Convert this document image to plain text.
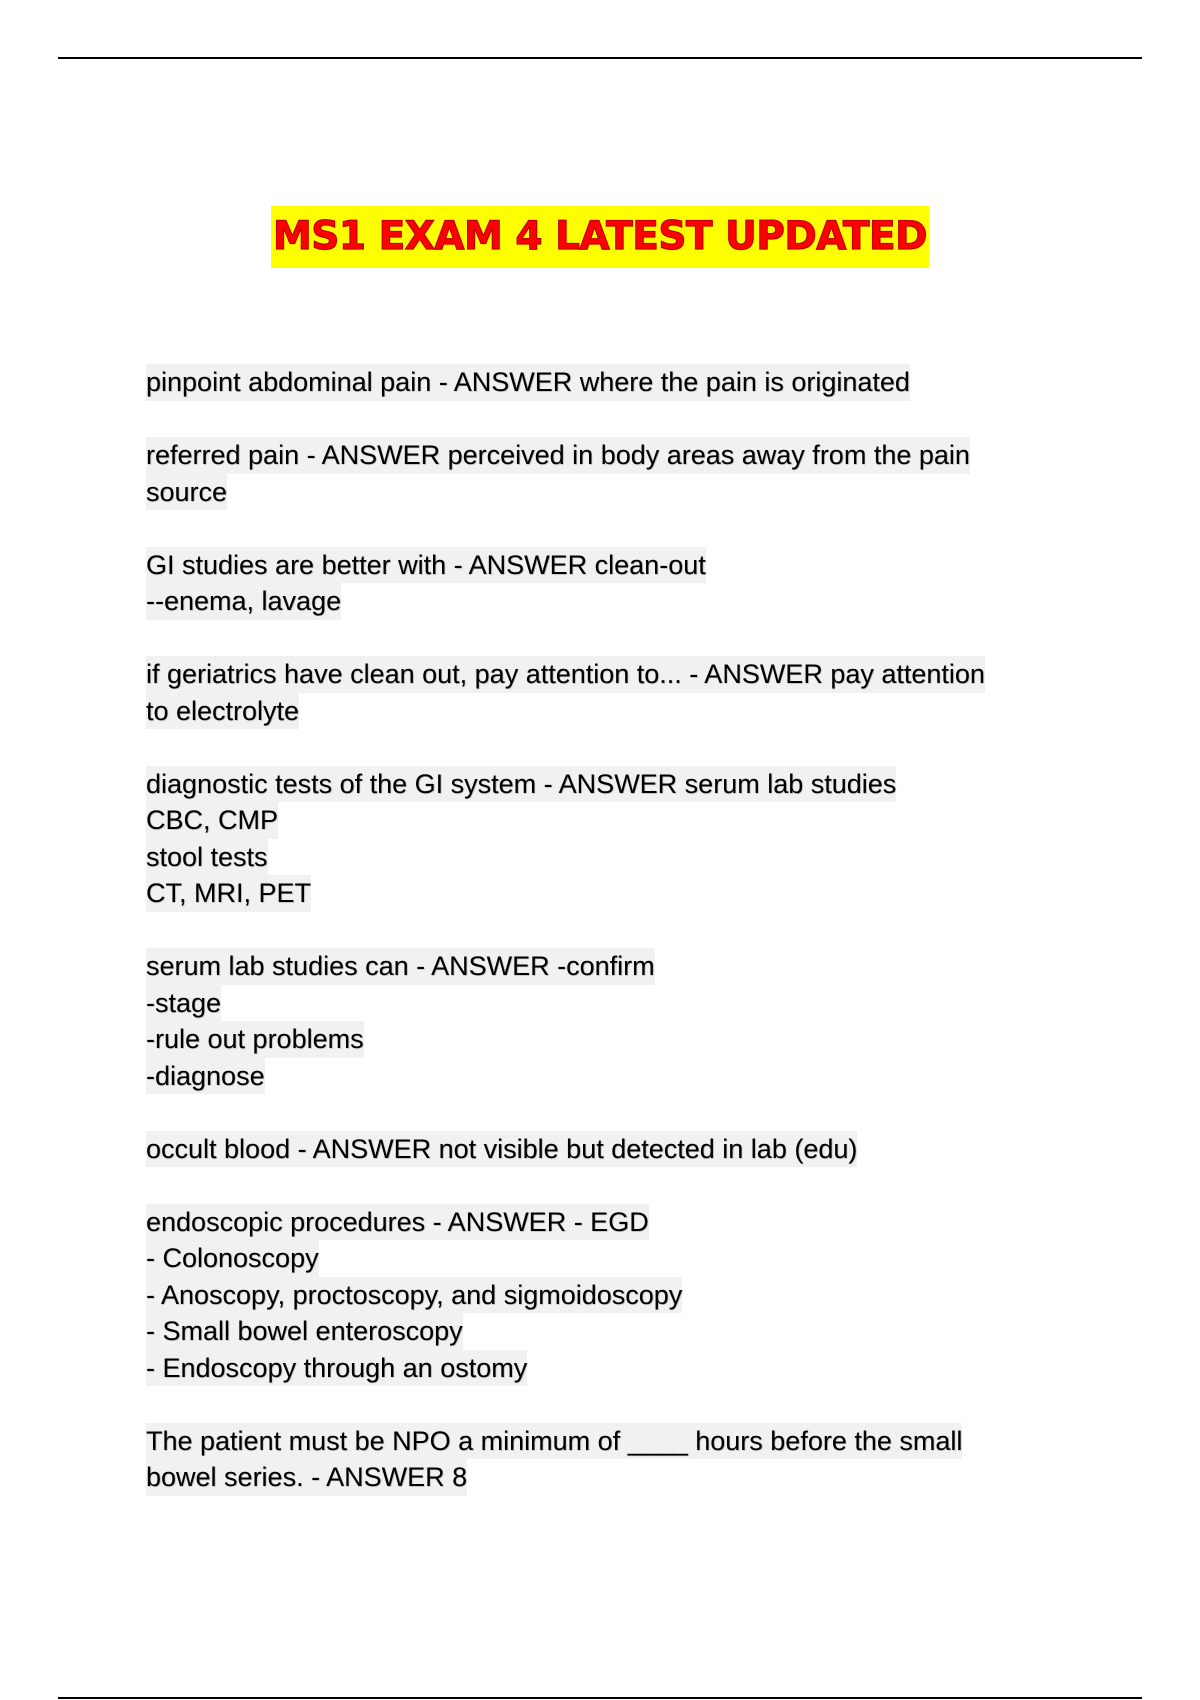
MS1 EXAM 4 LATEST UPDATED
pinpoint abdominal pain - ANSWER where the pain is originated
referred pain - ANSWER perceived in body areas away from the pain
source
GI studies are better with - ANSWER clean-out
--enema, lavage
if geriatrics have clean out, pay attention to... - ANSWER pay attention
to electrolyte
diagnostic tests of the GI system - ANSWER serum lab studies
CBC, CMP
stool tests
CT, MRI, PET
serum lab studies can - ANSWER -confirm
-stage
-rule out problems
-diagnose
occult blood - ANSWER not visible but detected in lab (edu)
endoscopic procedures - ANSWER - EGD
- Colonoscopy
- Anoscopy, proctoscopy, and sigmoidoscopy
- Small bowel enteroscopy
- Endoscopy through an ostomy
The patient must be NPO a minimum of ____ hours before the small
bowel series. - ANSWER 8
